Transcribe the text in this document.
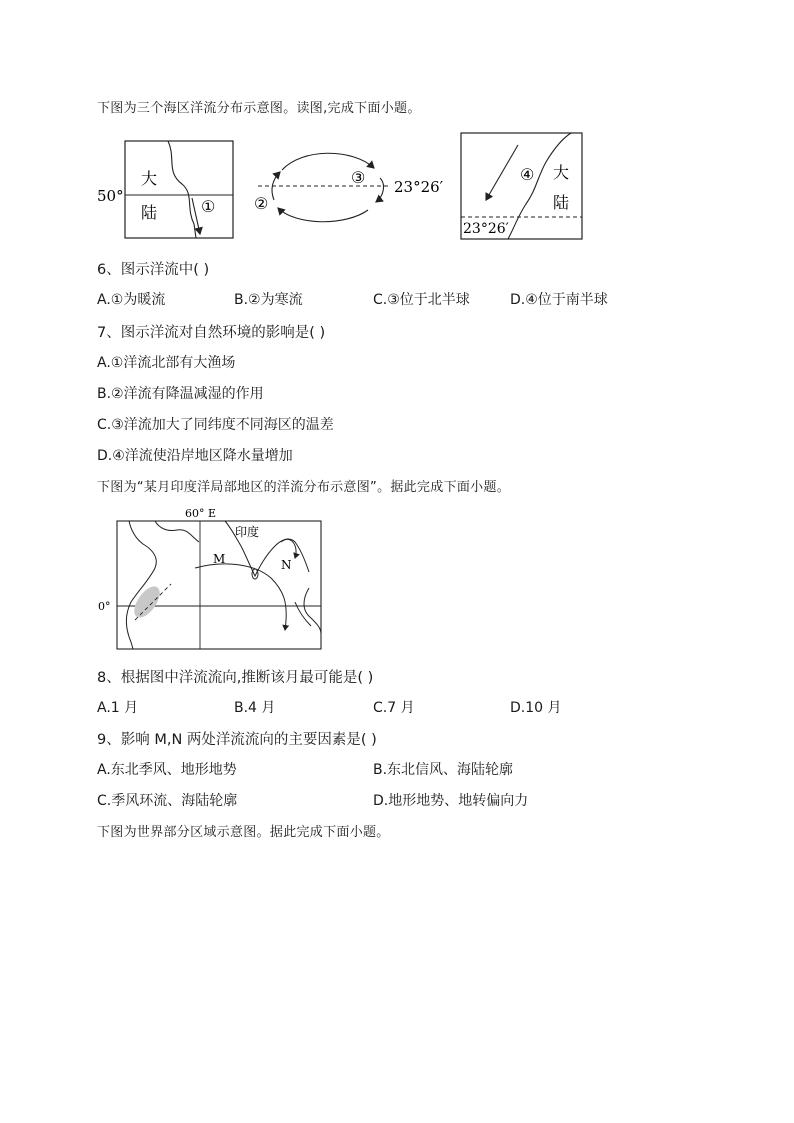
下图为三个海区洋流分布示意图。读图,完成下面小题。
50°
大
陆	①
③
②
23°26′
④ 大
陆
23°26′
6、图示洋流中( )
A.①为暖流	B.②为寒流	C.③位于北半球	D.④位于南半球
7、图示洋流对自然环境的影响是( )
A.①洋流北部有大渔场
B.②洋流有降温减湿的作用
C.③洋流加大了同纬度不同海区的温差
D.④洋流使沿岸地区降水量增加
下图为“某月印度洋局部地区的洋流分布示意图”。据此完成下面小题。
60° E
印度
M	N
0°
8、根据图中洋流流向,推断该月最可能是( )
A.1 月	B.4 月	C.7 月	D.10 月
9、影响 M,N 两处洋流流向的主要因素是( )
A.东北季风、地形地势	B.东北信风、海陆轮廓
C.季风环流、海陆轮廓	D.地形地势、地转偏向力
下图为世界部分区域示意图。据此完成下面小题。
